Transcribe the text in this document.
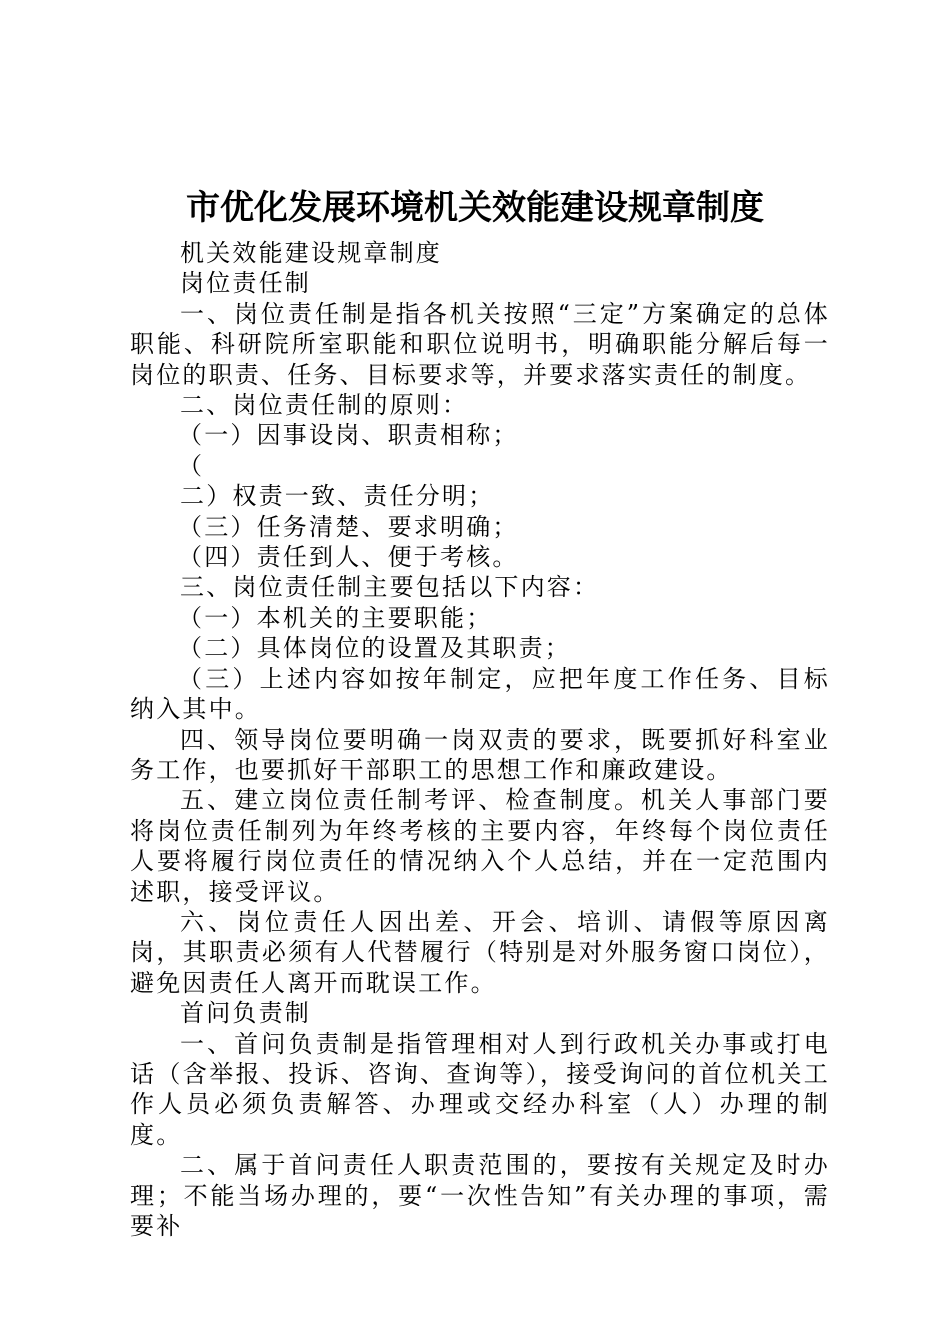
市优化发展环境机关效能建设规章制度

机关效能建设规章制度

岗位责任制

一、岗位责任制是指各机关按照“三定”方案确定的总体职能、科研院所室职能和职位说明书，明确职能分解后每一岗位的职责、任务、目标要求等，并要求落实责任的制度。

二、岗位责任制的原则：

（一）因事设岗、职责相称；

（

二）权责一致、责任分明；

（三）任务清楚、要求明确；

（四）责任到人、便于考核。

三、岗位责任制主要包括以下内容：

（一）本机关的主要职能；

（二）具体岗位的设置及其职责；

（三）上述内容如按年制定，应把年度工作任务、目标纳入其中。

四、领导岗位要明确一岗双责的要求，既要抓好科室业务工作，也要抓好干部职工的思想工作和廉政建设。

五、建立岗位责任制考评、检查制度。机关人事部门要将岗位责任制列为年终考核的主要内容，年终每个岗位责任人要将履行岗位责任的情况纳入个人总结，并在一定范围内述职，接受评议。

六、岗位责任人因出差、开会、培训、请假等原因离岗，其职责必须有人代替履行（特别是对外服务窗口岗位），避免因责任人离开而耽误工作。

首问负责制

一、首问负责制是指管理相对人到行政机关办事或打电话（含举报、投诉、咨询、查询等），接受询问的首位机关工作人员必须负责解答、办理或交经办科室（人）办理的制度。

二、属于首问责任人职责范围的，要按有关规定及时办理；不能当场办理的，要“一次性告知”有关办理的事项，需要补
